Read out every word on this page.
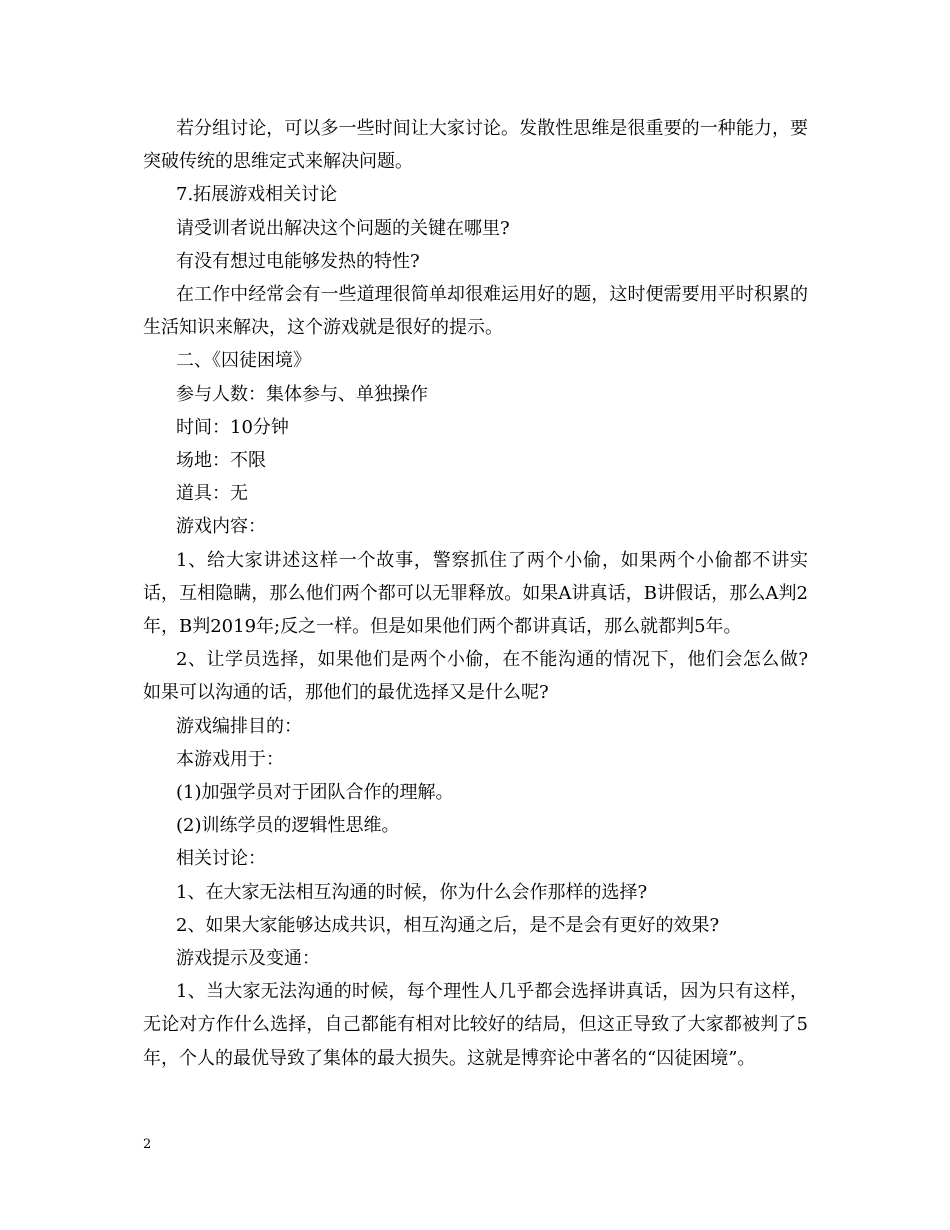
若分组讨论，可以多一些时间让大家讨论。发散性思维是很重要的一种能力，要突破传统的思维定式来解决问题。

7.拓展游戏相关讨论

请受训者说出解决这个问题的关键在哪里?

有没有想过电能够发热的特性?

在工作中经常会有一些道理很简单却很难运用好的题，这时便需要用平时积累的生活知识来解决，这个游戏就是很好的提示。

二、《囚徒困境》

参与人数：集体参与、单独操作

时间：10分钟

场地：不限

道具：无

游戏内容：

1、给大家讲述这样一个故事，警察抓住了两个小偷，如果两个小偷都不讲实话，互相隐瞒，那么他们两个都可以无罪释放。如果A讲真话，B讲假话，那么A判2年，B判2019年;反之一样。但是如果他们两个都讲真话，那么就都判5年。

2、让学员选择，如果他们是两个小偷，在不能沟通的情况下，他们会怎么做?如果可以沟通的话，那他们的最优选择又是什么呢?

游戏编排目的：

本游戏用于：

(1)加强学员对于团队合作的理解。

(2)训练学员的逻辑性思维。

相关讨论：

1、在大家无法相互沟通的时候，你为什么会作那样的选择?

2、如果大家能够达成共识，相互沟通之后，是不是会有更好的效果?

游戏提示及变通：

1、当大家无法沟通的时候，每个理性人几乎都会选择讲真话，因为只有这样，无论对方作什么选择，自己都能有相对比较好的结局，但这正导致了大家都被判了5年，个人的最优导致了集体的最大损失。这就是博弈论中著名的“囚徒困境”。

2
